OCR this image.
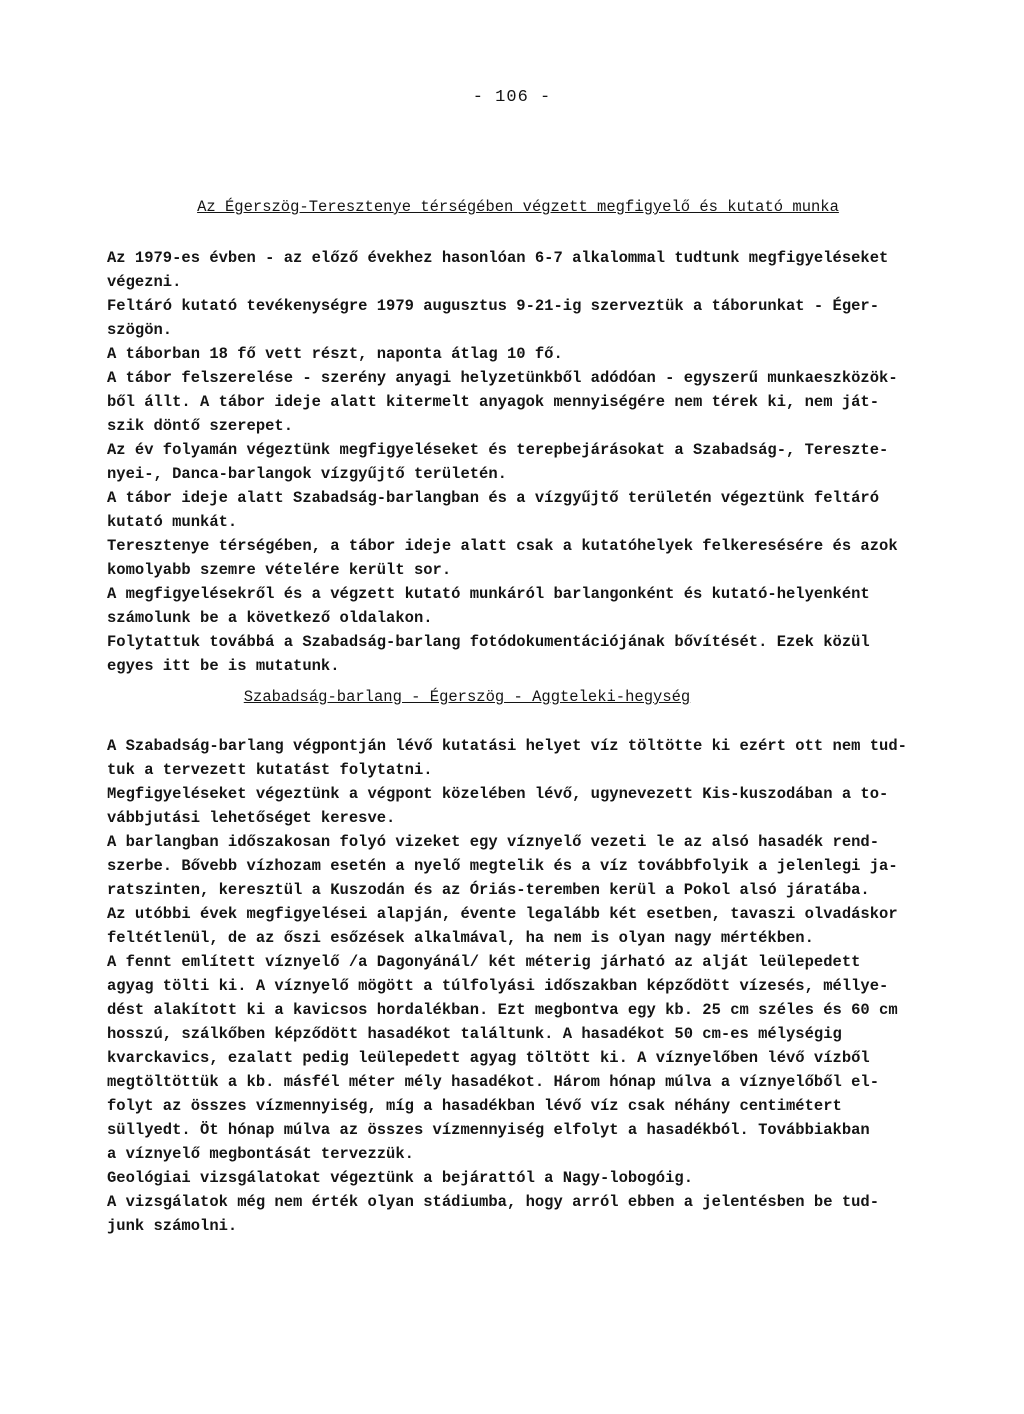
- 106 -
Az Égerszög-Teresztenye térségében végzett megfigyelő és kutató munka
Az 1979-es évben - az előző évekhez hasonlóan 6-7 alkalommal tudtunk megfigyeléseket
végezni.
Feltáró kutató tevékenységre 1979 augusztus 9-21-ig szerveztük a táborunkat - Éger-
szögön.
A táborban 18 fő vett részt, naponta átlag 10 fő.
A tábor felszerelése - szerény anyagi helyzetünkből adódóan - egyszerű munkaeszközök-
ből állt. A tábor ideje alatt kitermelt anyagok mennyiségére nem térek ki, nem ját-
szik döntő szerepet.
Az év folyamán végeztünk megfigyeléseket és terepbejárásokat a Szabadság-, Tereszte-
nyei-, Danca-barlangok vízgyűjtő területén.
A tábor ideje alatt Szabadság-barlangban és a vízgyűjtő területén végeztünk feltáró
kutató munkát.
Teresztenye térségében, a tábor ideje alatt csak a kutatóhelyek felkeresésére és azok
komolyabb szemre vételére került sor.
A megfigyelésekről és a végzett kutató munkáról barlangonként és kutató-helyenként
számolunk be a következő oldalakon.
Folytattuk továbbá a Szabadság-barlang fotódokumentációjának bővítését. Ezek közül
egyes itt be is mutatunk.
Szabadság-barlang - Égerszög - Aggteleki-hegység
A Szabadság-barlang végpontján lévő kutatási helyet víz töltötte ki ezért ott nem tud-
tuk a tervezett kutatást folytatni.
Megfigyeléseket végeztünk a végpont közelében lévő, ugynevezett Kis-kuszodában a to-
vábbjutási lehetőséget keresve.
A barlangban időszakosan folyó vizeket egy víznyelő vezeti le az alsó hasadék rend-
szerbe. Bővebb vízhozam esetén a nyelő megtelik és a víz továbbfolyik a jelenlegi ja-
ratszinten, keresztül a Kuszodán és az Óriás-teremben kerül a Pokol alsó járatába.
Az utóbbi évek megfigyelései alapján, évente legalább két esetben, tavaszi olvadáskor
feltétlenül, de az őszi esőzések alkalmával, ha nem is olyan nagy mértékben.
A fennt említett víznyelő /a Dagonyánál/ két méterig járható az alját leülepedett
agyag tölti ki. A víznyelő mögött a túlfolyási időszakban képződött vízesés, méllye-
dést alakított ki a kavicsos hordalékban. Ezt megbontva egy kb. 25 cm széles és 60 cm
hosszú, szálkőben képződött hasadékot találtunk. A hasadékot 50 cm-es mélységig
kvarckavics, ezalatt pedig leülepedett agyag töltött ki. A víznyelőben lévő vízből
megtöltöttük a kb. másfél méter mély hasadékot. Három hónap múlva a víznyelőből el-
folyt az összes vízmennyiség, míg a hasadékban lévő víz csak néhány centimétert
süllyedt. Öt hónap múlva az összes vízmennyiség elfolyt a hasadékból. Továbbiakban
a víznyelő megbontását tervezzük.
Geológiai vizsgálatokat végeztünk a bejárattól a Nagy-lobogóig.
A vizsgálatok még nem érték olyan stádiumba, hogy arról ebben a jelentésben be tud-
junk számolni.
